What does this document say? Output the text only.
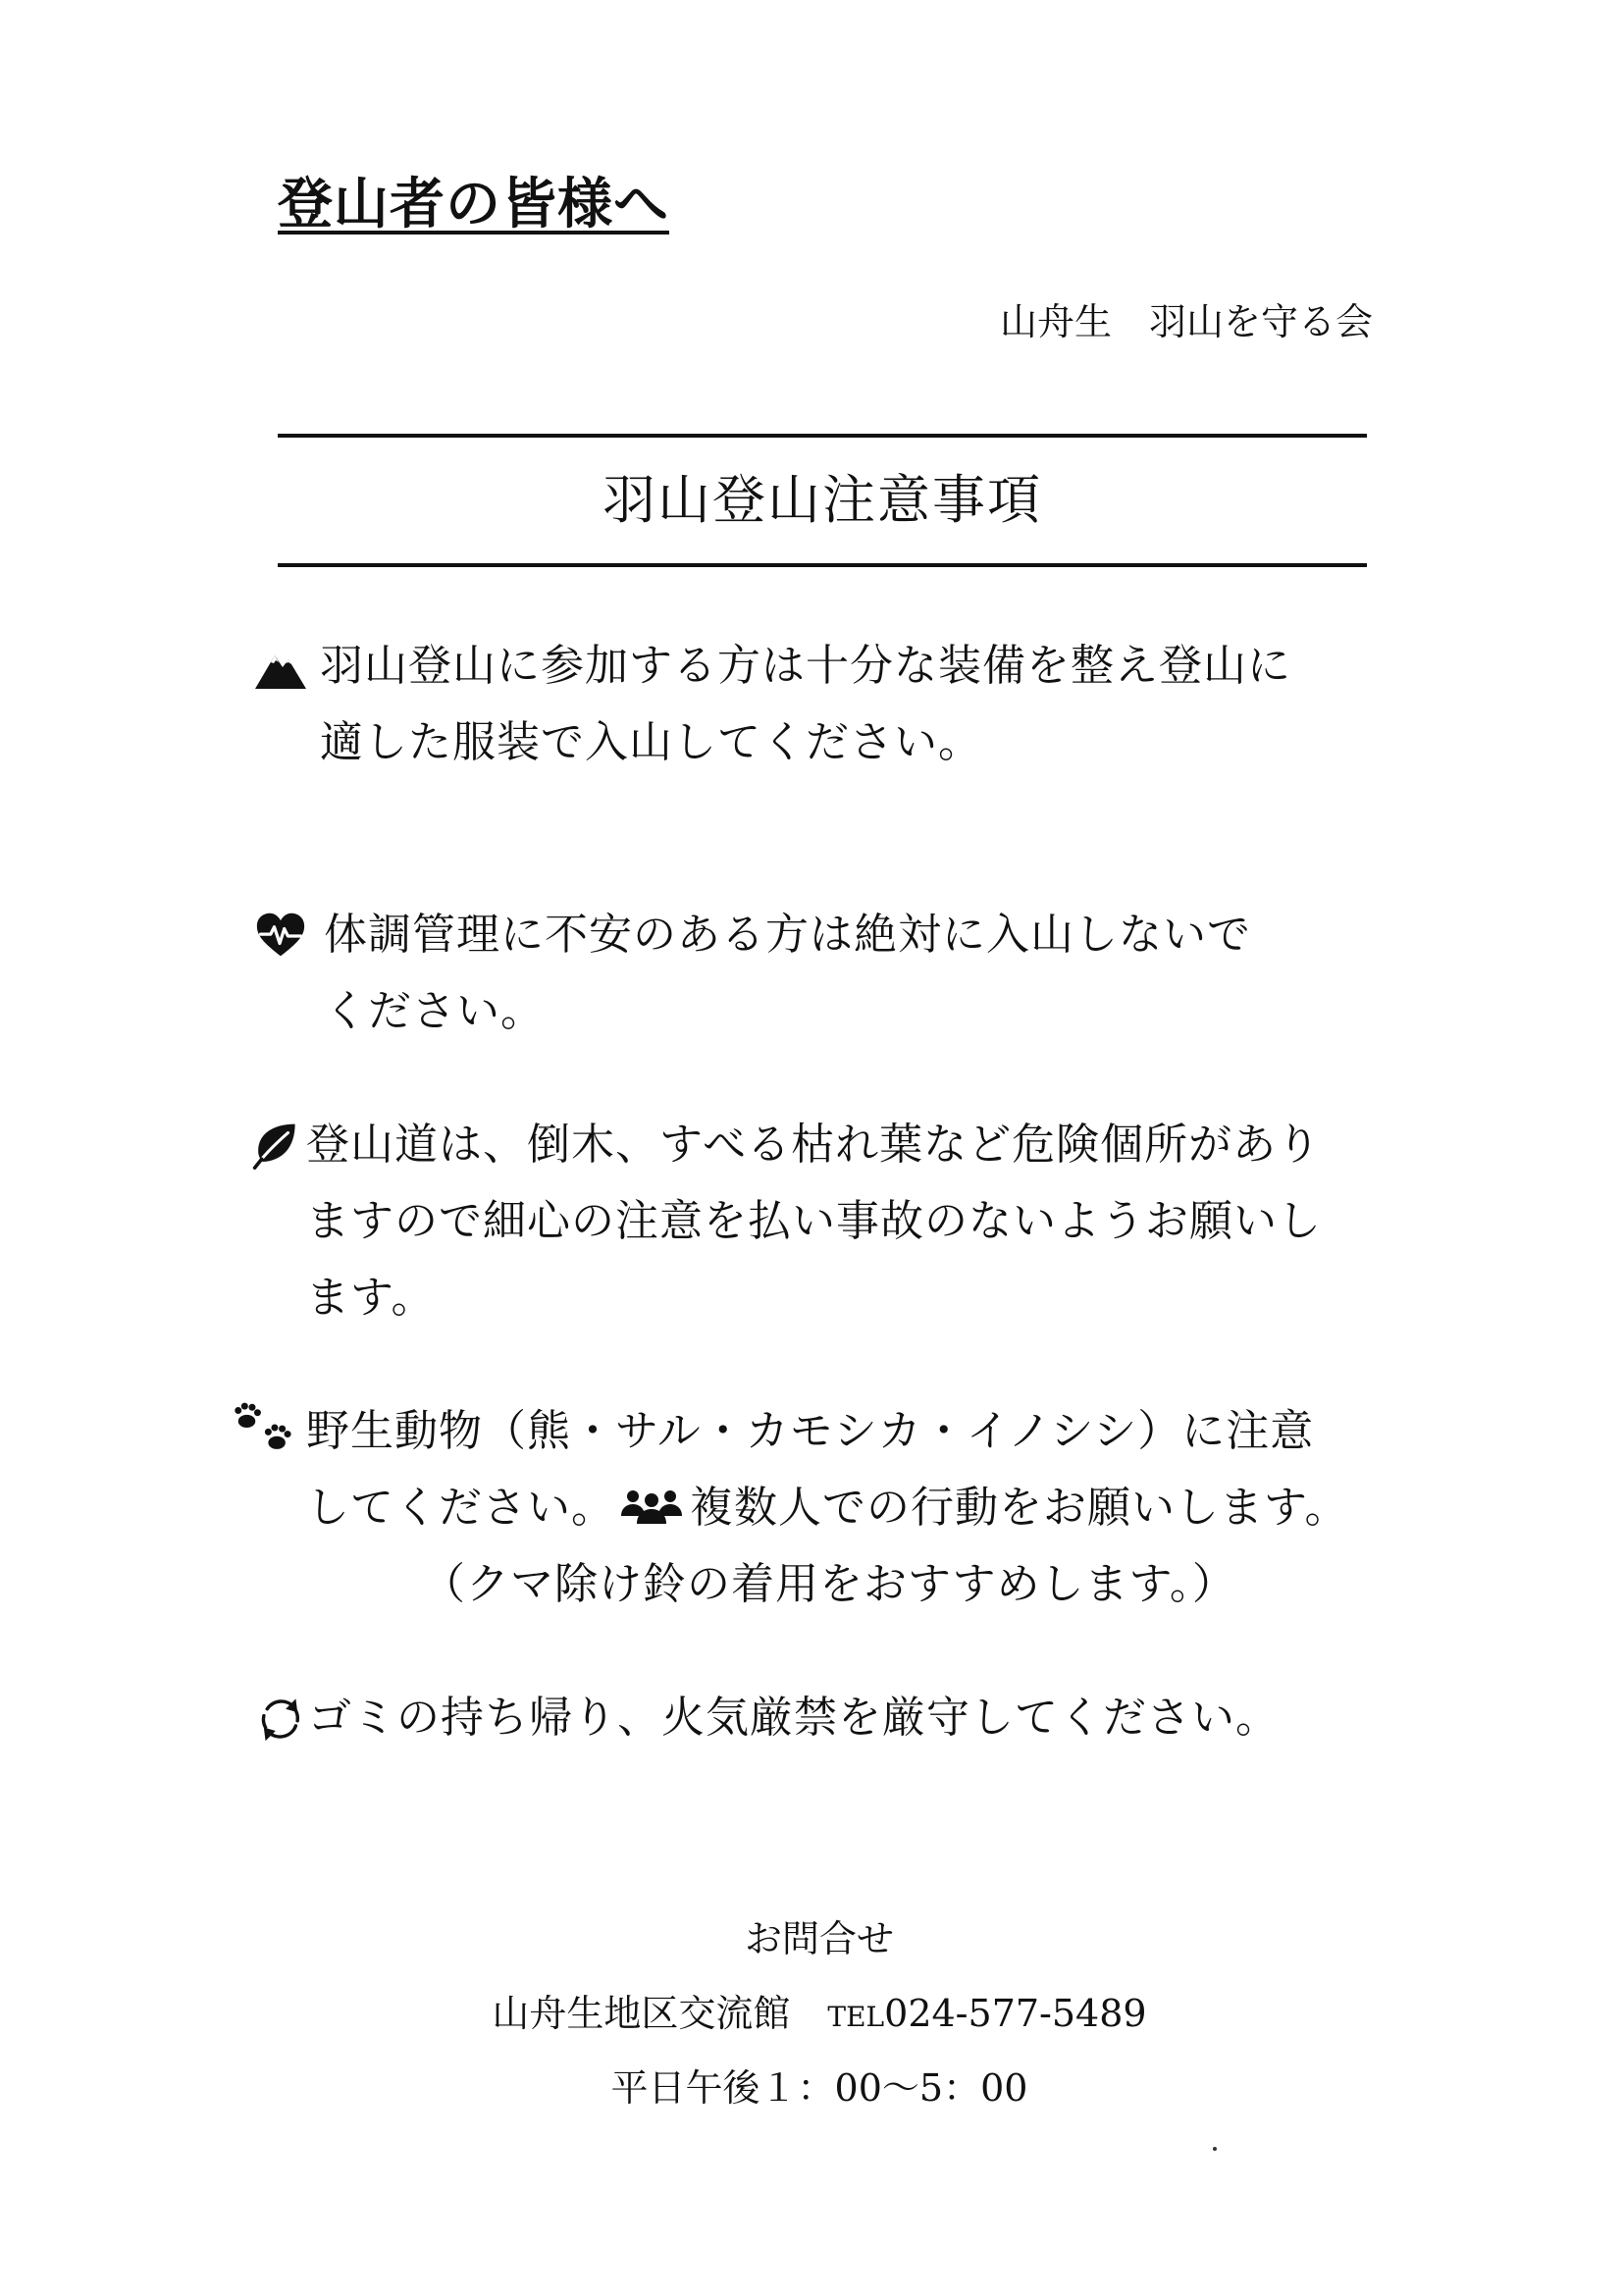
登山者の皆様へ
山舟生　羽山を守る会
羽山登山注意事項
羽山登山に参加する方は十分な装備を整え登山に
適した服装で入山してください。
体調管理に不安のある方は絶対に入山しないで
ください。
登山道は、倒木、すべる枯れ葉など危険個所があり
ますので細心の注意を払い事故のないようお願いし
ます。
野生動物（熊・サル・カモシカ・イノシシ）に注意
してください。 複数人での行動をお願いします。
（クマ除け鈴の着用をおすすめします。）
ゴミの持ち帰り、火気厳禁を厳守してください。
お問合せ
山舟生地区交流館　 TEL024-577-5489
平日午後１：00～5：00
